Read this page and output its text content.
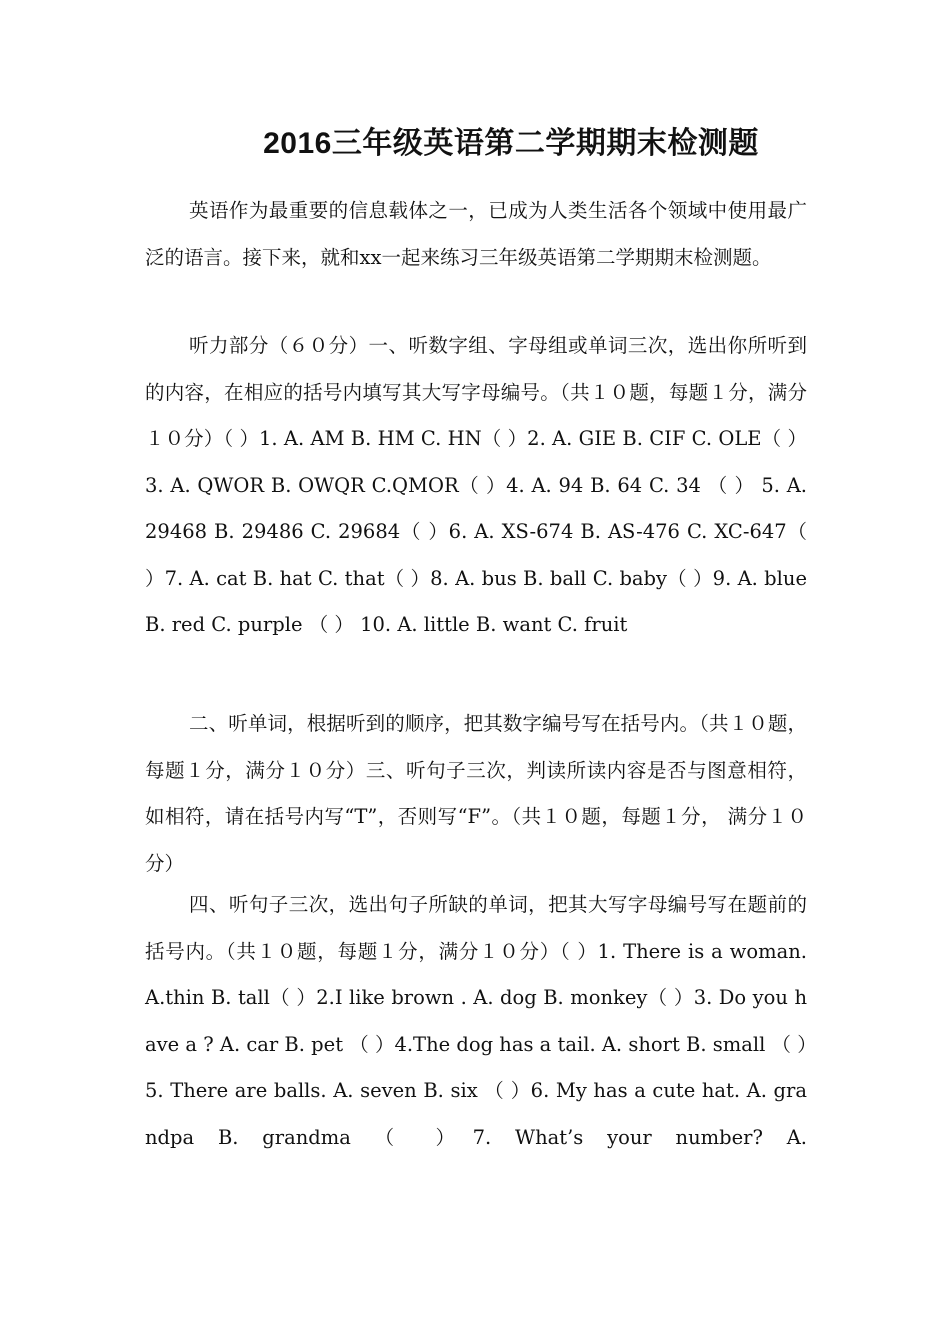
2016三年级英语第二学期期末检测题

英语作为最重要的信息载体之一，已成为人类生活各个领域中使用最广泛的语言。接下来，就和xx一起来练习三年级英语第二学期期末检测题。

听力部分（６０分）一、听数字组、字母组或单词三次，选出你所听到的内容，在相应的括号内填写其大写字母编号。（共１０题，每题１分，满分１０分）（ ）1. A. AM B. HM C. HN（ ）2. A. GIE B. CIF C. OLE（ ）3. A. QWOR B. OWQR C.QMOR（ ）4. A. 94 B. 64 C. 34 （ ） 5. A. 29468 B. 29486 C. 29684（ ）6. A. XS-674 B. AS-476 C. XC-647（ ）7. A. cat B. hat C. that（ ）8. A. bus B. ball C. baby（ ）9. A. blue B. red C. purple （ ） 10. A. little B. want C. fruit

二、听单词，根据听到的顺序，把其数字编号写在括号内。（共１０题，每题１分，满分１０分）三、听句子三次，判读所读内容是否与图意相符，如相符，请在括号内写“T”，否则写“F”。（共１０题，每题１分， 满分１０分）

四、听句子三次，选出句子所缺的单词，把其大写字母编号写在题前的括号内。（共１０题，每题１分，满分１０分）（ ）1. There is a woman. A.thin B. tall（ ）2.I like brown . A. dog B. monkey（ ）3. Do you have a ? A. car B. pet （ ）4.The dog has a tail. A. short B. small （ ）5. There are balls. A. seven B. six （ ）6. My has a cute hat. A. grandpa B. grandma （ ）7. What’s your number? A.
